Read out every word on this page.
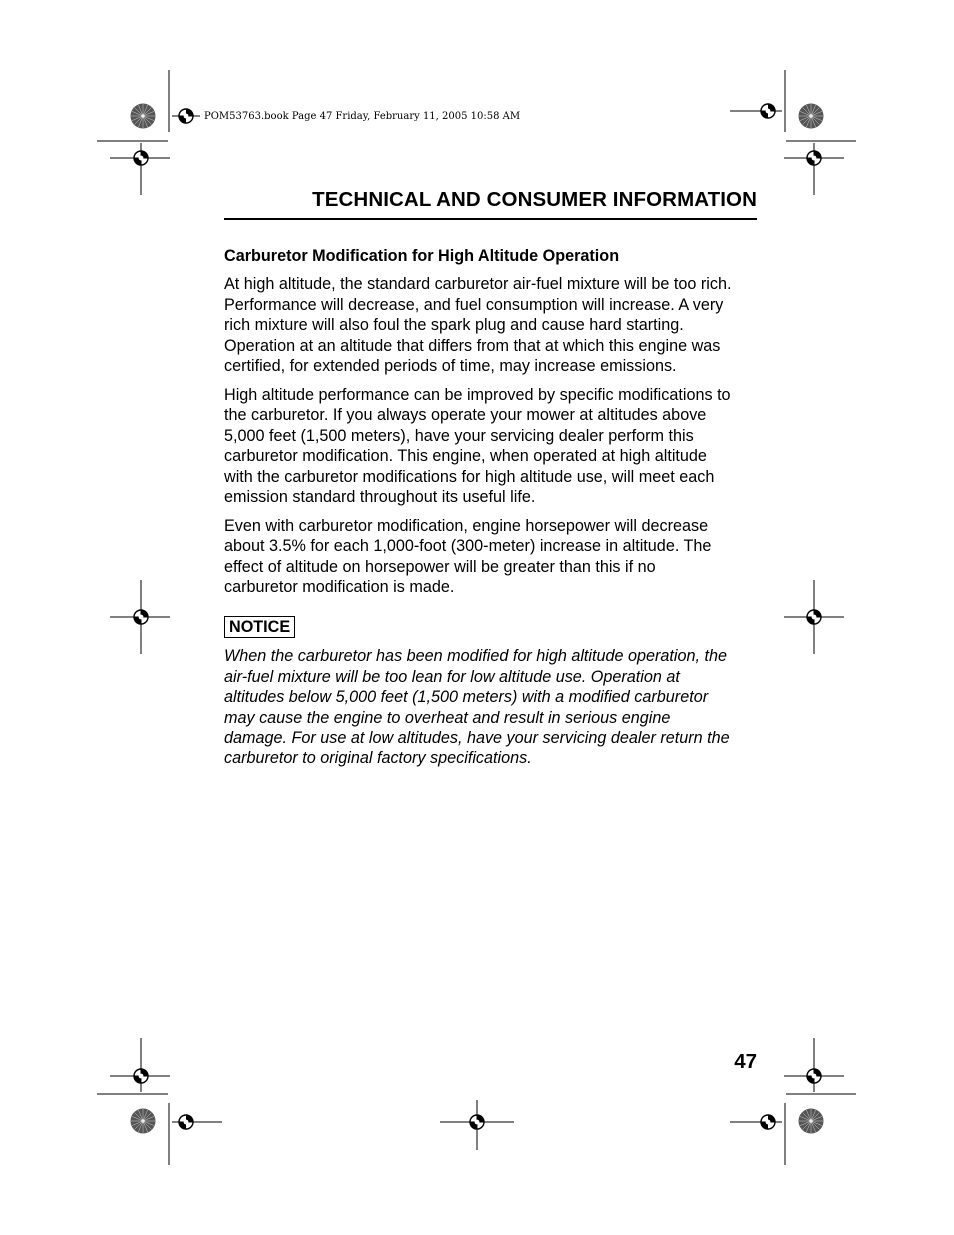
POM53763.book Page 47 Friday, February 11, 2005 10:58 AM
TECHNICAL AND CONSUMER INFORMATION
Carburetor Modification for High Altitude Operation
At high altitude, the standard carburetor air-fuel mixture will be too rich.
Performance will decrease, and fuel consumption will increase. A very
rich mixture will also foul the spark plug and cause hard starting.
Operation at an altitude that differs from that at which this engine was
certified, for extended periods of time, may increase emissions.
High altitude performance can be improved by specific modifications to
the carburetor. If you always operate your mower at altitudes above
5,000 feet (1,500 meters), have your servicing dealer perform this
carburetor modification. This engine, when operated at high altitude
with the carburetor modifications for high altitude use, will meet each
emission standard throughout its useful life.
Even with carburetor modification, engine horsepower will decrease
about 3.5% for each 1,000-foot (300-meter) increase in altitude. The
effect of altitude on horsepower will be greater than this if no
carburetor modification is made.
NOTICE
When the carburetor has been modified for high altitude operation, the
air-fuel mixture will be too lean for low altitude use. Operation at
altitudes below 5,000 feet (1,500 meters) with a modified carburetor
may cause the engine to overheat and result in serious engine
damage. For use at low altitudes, have your servicing dealer return the
carburetor to original factory specifications.
47
